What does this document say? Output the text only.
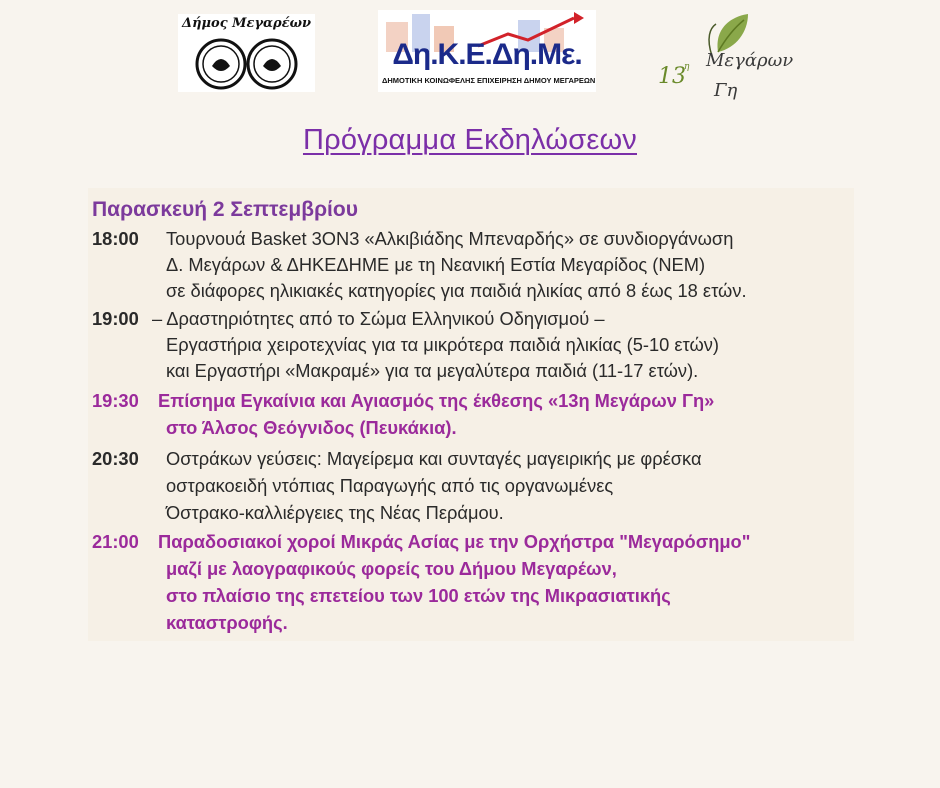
Δήμος Μεγαρέων
Δη.Κ.Ε.Δη.Με.
ΔΗΜΟΤΙΚΗ ΚΟΙΝΩΦΕΛΗΣ ΕΠΙΧΕΙΡΗΣΗ ΔΗΜΟΥ ΜΕΓΑΡΕΩΝ	13
η Μεγάρων
Γη
Πρόγραμμα Εκδηλώσεων
Παρασκευή 2 Σεπτεμβρίου
18:00 Τουρνουά Basket 3ON3 «Αλκιβιάδης Μπεναρδής» σε συνδιοργάνωση
Δ. Μεγάρων & ΔΗΚΕΔΗΜΕ με τη Νεανική Εστία Μεγαρίδος (ΝΕΜ)
σε διάφορες ηλικιακές κατηγορίες για παιδιά ηλικίας από 8 έως 18 ετών.
19:00 – Δραστηριότητες από το Σώμα Ελληνικού Οδηγισμού –
Εργαστήρια χειροτεχνίας για τα μικρότερα παιδιά ηλικίας (5-10 ετών)
και Εργαστήρι «Μακραμέ» για τα μεγαλύτερα παιδιά (11-17 ετών).
19:30 Επίσημα Εγκαίνια και Αγιασμός της έκθεσης «13η Μεγάρων Γη»
στο Άλσος Θεόγνιδος (Πευκάκια).
20:30 Οστράκων γεύσεις: Μαγείρεμα και συνταγές μαγειρικής με φρέσκα
οστρακοειδή ντόπιας Παραγωγής από τις οργανωμένες
Όστρακο-καλλιέργειες της Νέας Περάμου.
21:00 Παραδοσιακοί χοροί Μικράς Ασίας με την Ορχήστρα "Μεγαρόσημο"
μαζί με λαογραφικούς φορείς του Δήμου Μεγαρέων,
στο πλαίσιο της επετείου των 100 ετών της Μικρασιατικής
καταστροφής.
